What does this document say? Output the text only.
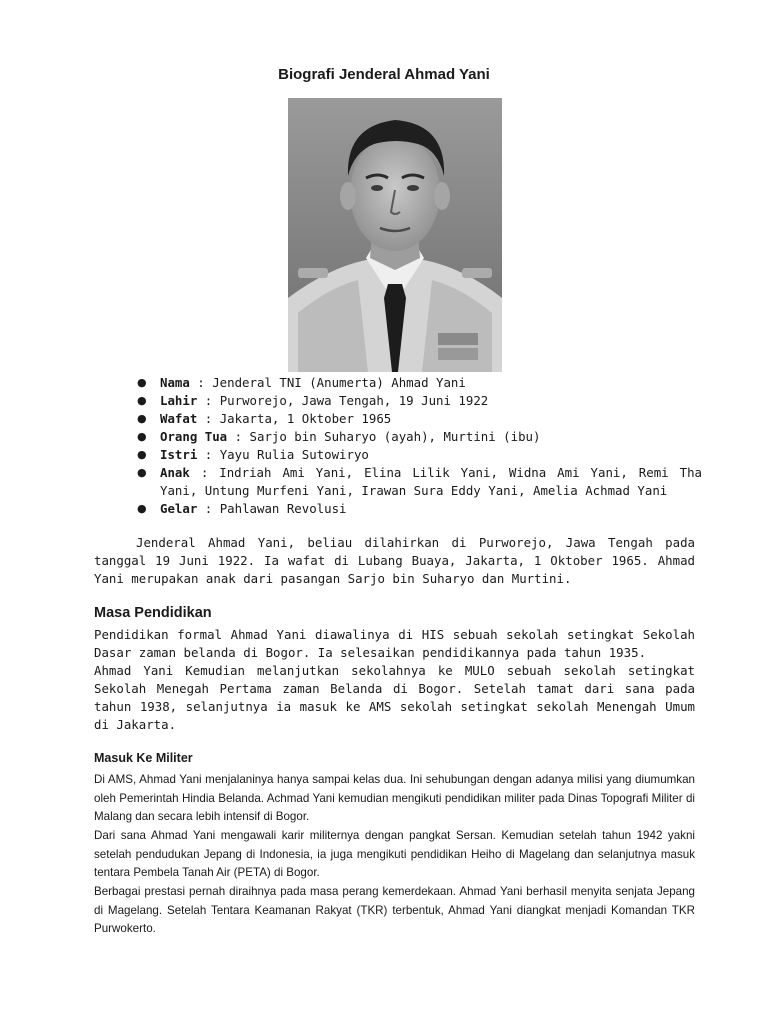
Biografi Jenderal Ahmad Yani
● Nama : Jenderal TNI (Anumerta) Ahmad Yani
● Lahir : Purworejo, Jawa Tengah, 19 Juni 1922
● Wafat : Jakarta, 1 Oktober 1965
● Orang Tua : Sarjo bin Suharyo (ayah), Murtini (ibu)
● Istri : Yayu Rulia Sutowiryo
● Anak : Indriah Ami Yani, Elina Lilik Yani, Widna Ami Yani, Remi Tha Yani, Untung Murfeni Yani, Irawan Sura Eddy Yani, Amelia Achmad Yani
● Gelar : Pahlawan Revolusi

Jenderal Ahmad Yani, beliau dilahirkan di Purworejo, Jawa Tengah pada tanggal 19 Juni 1922. Ia wafat di Lubang Buaya, Jakarta, 1 Oktober 1965. Ahmad Yani merupakan anak dari pasangan Sarjo bin Suharyo dan Murtini.

Masa Pendidikan

Pendidikan formal Ahmad Yani diawalinya di HIS sebuah sekolah setingkat Sekolah Dasar zaman belanda di Bogor. Ia selesaikan pendidikannya pada tahun 1935.

Ahmad Yani Kemudian melanjutkan sekolahnya ke MULO sebuah sekolah setingkat Sekolah Menegah Pertama zaman Belanda di Bogor. Setelah tamat dari sana pada tahun 1938, selanjutnya ia masuk ke AMS sekolah setingkat sekolah Menengah Umum di Jakarta.

Masuk Ke Militer

Di AMS, Ahmad Yani menjalaninya hanya sampai kelas dua. Ini sehubungan dengan adanya milisi yang diumumkan oleh Pemerintah Hindia Belanda. Achmad Yani kemudian mengikuti pendidikan militer pada Dinas Topografi Militer di Malang dan secara lebih intensif di Bogor.

Dari sana Ahmad Yani mengawali karir militernya dengan pangkat Sersan. Kemudian setelah tahun 1942 yakni setelah pendudukan Jepang di Indonesia, ia juga mengikuti pendidikan Heiho di Magelang dan selanjutnya masuk tentara Pembela Tanah Air (PETA) di Bogor.

Berbagai prestasi pernah diraihnya pada masa perang kemerdekaan. Ahmad Yani berhasil menyita senjata Jepang di Magelang. Setelah Tentara Keamanan Rakyat (TKR) terbentuk, Ahmad Yani diangkat menjadi Komandan TKR Purwokerto.
